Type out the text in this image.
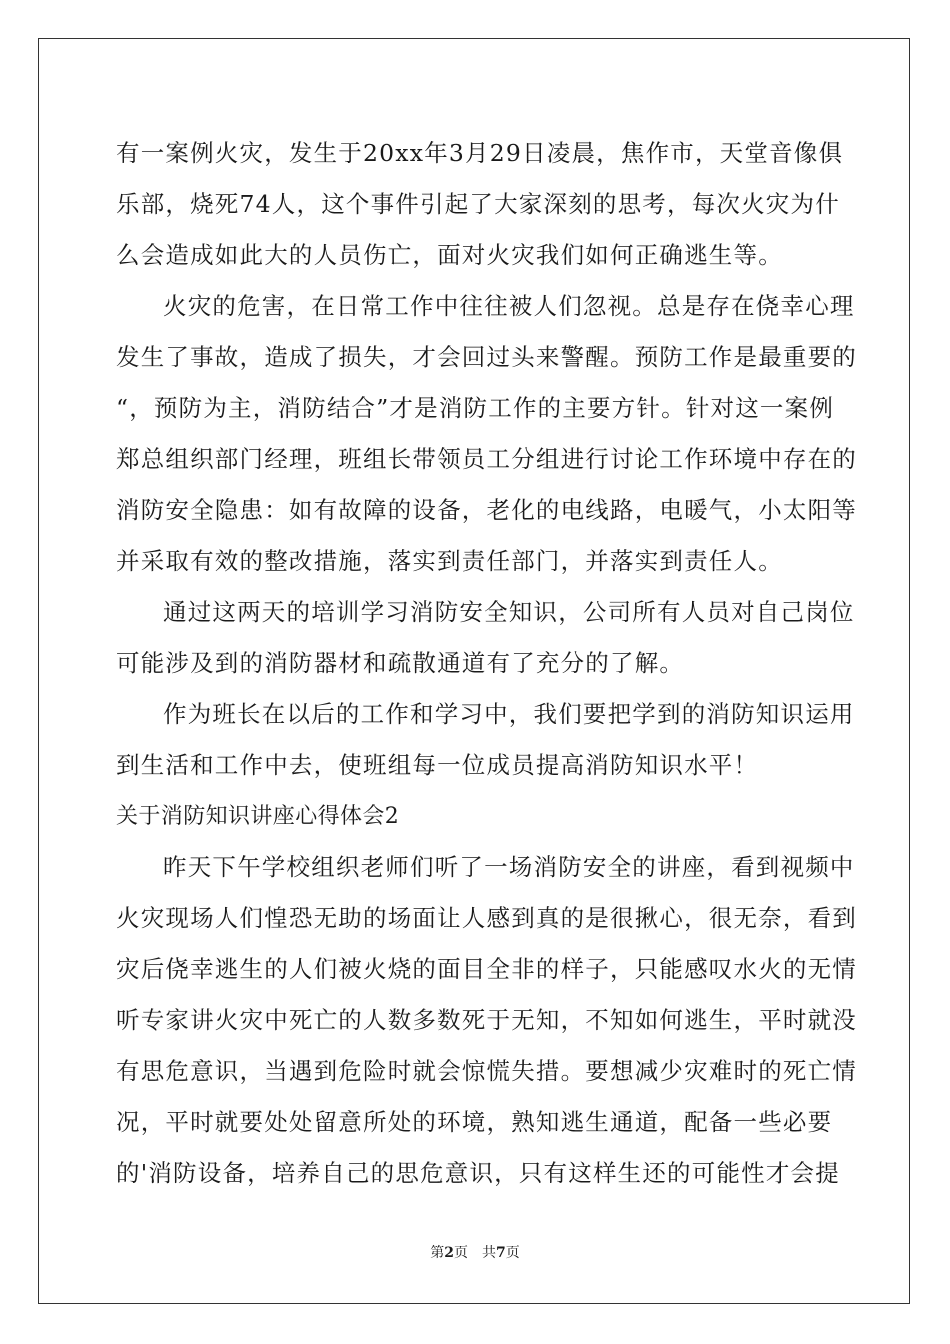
有一案例火灾，发生于20xx年3月29日凌晨，焦作市，天堂音像俱
乐部，烧死74人，这个事件引起了大家深刻的思考，每次火灾为什
么会造成如此大的人员伤亡，面对火灾我们如何正确逃生等。
火灾的危害，在日常工作中往往被人们忽视。总是存在侥幸心理
发生了事故，造成了损失，才会回过头来警醒。预防工作是最重要的
“，预防为主，消防结合”才是消防工作的主要方针。针对这一案例
郑总组织部门经理，班组长带领员工分组进行讨论工作环境中存在的
消防安全隐患：如有故障的设备，老化的电线路，电暖气，小太阳等
并采取有效的整改措施，落实到责任部门，并落实到责任人。
通过这两天的培训学习消防安全知识，公司所有人员对自己岗位
可能涉及到的消防器材和疏散通道有了充分的了解。
作为班长在以后的工作和学习中，我们要把学到的消防知识运用
到生活和工作中去，使班组每一位成员提高消防知识水平！
关于消防知识讲座心得体会2
昨天下午学校组织老师们听了一场消防安全的讲座，看到视频中
火灾现场人们惶恐无助的场面让人感到真的是很揪心，很无奈，看到
灾后侥幸逃生的人们被火烧的面目全非的样子，只能感叹水火的无情
听专家讲火灾中死亡的人数多数死于无知，不知如何逃生，平时就没
有思危意识，当遇到危险时就会惊慌失措。要想减少灾难时的死亡情
况，平时就要处处留意所处的环境，熟知逃生通道，配备一些必要
的'消防设备，培养自己的思危意识，只有这样生还的可能性才会提
第2页 共7页
